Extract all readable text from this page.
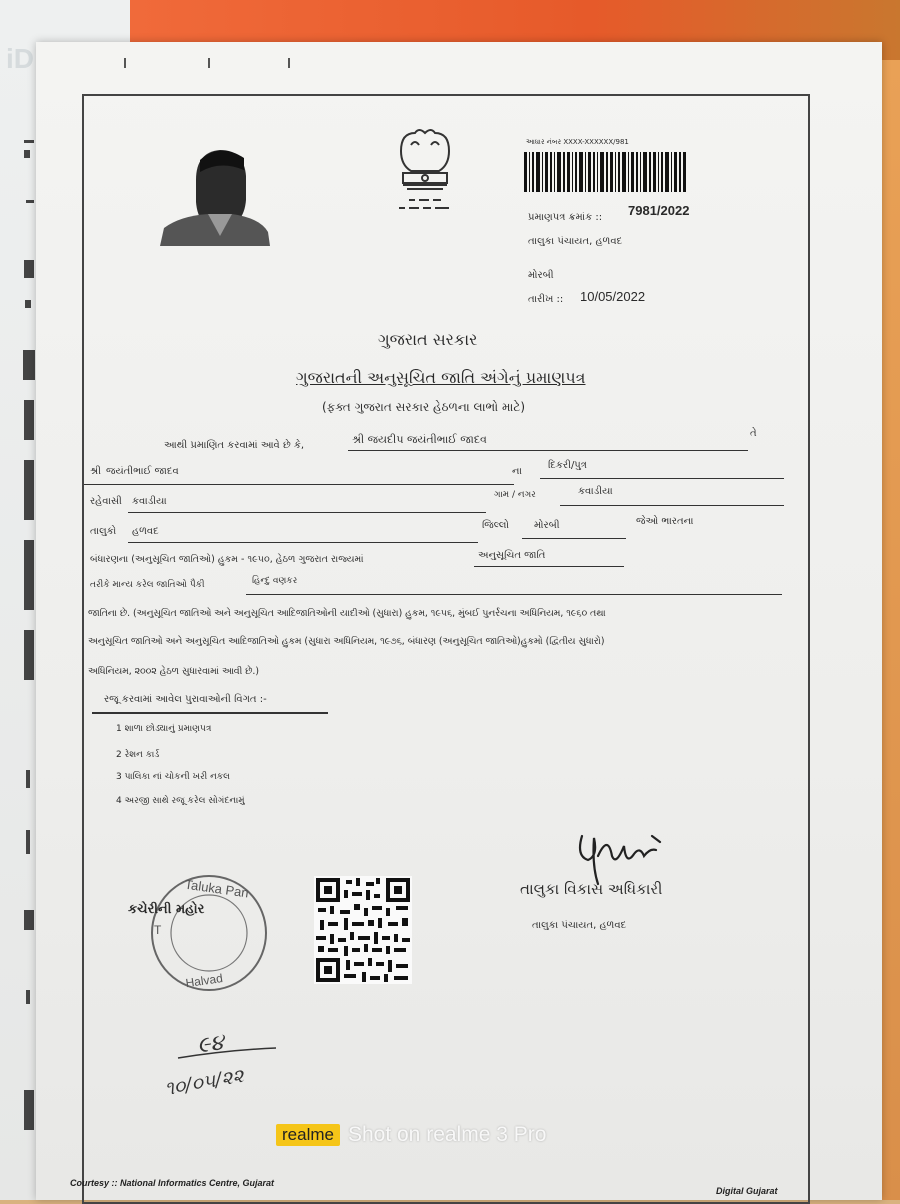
iD
આધાર નંબર XXXX-XXXXXX/981
પ્રમાણપત્ર ક્રમાંક :: 7981/2022
તાલુકા પંચાયત, હળવદ
મોરબી
તારીખ :: 10/05/2022
ગુજરાત સરકાર
ગુજરાતની અનુસૂચિત જાતિ અંગેનું પ્રમાણપત્ર
(ફક્ત ગુજરાત સરકાર હેઠળના લાભો માટે)
આથી પ્રમાણિત કરવામાં આવે છે કે,	શ્રી જયદીપ જયંતીભાઈ જાદવ	તે
શ્રી જયંતીભાઈ જાદવ	ના
દિકરી/પુત્ર
રહેવાસી કવાડીયા
ગામ / નગર	કવાડીયા
તાલુકો હળવદ
જિલ્લો	મોરબી	જેઓ ભારતના
બંધારણના (અનુસૂચિત જાતિઓ) હુકમ - ૧૯૫૦, હેઠળ ગુજરાત રાજ્યમાં	અનુસૂચિત જાતિ
તરીકે માન્ય કરેલ જાતિઓ પૈકી	હિન્દુ વણકર
જાતિના છે. (અનુસૂચિત જાતિઓ અને અનુસૂચિત આદિજાતિઓની યાદીઓ (સુધારા) હુકમ, ૧૯૫૬, મુંબઈ પુનર્રચના અધિનિયમ, ૧૯૬૦ તથા
અનુસૂચિત જાતિઓ અને અનુસૂચિત આદિજાતિઓ હુકમ (સુધારા અધિનિયમ, ૧૯૭૬, બંધારણ (અનુસૂચિત જાતિઓ)હુકમો (દ્વિતીય સુધારો)
અધિનિયમ, ૨૦૦૨ હેઠળ સુધારવામાં આવી છે.)
રજૂ કરવામાં આવેલ પુરાવાઓની વિગત :-
1 શાળા છોડ્યાનું પ્રમાણપત્ર
2 રેશન કાર્ડ
3 પાલિકા નાં ચોકની ખરી નકલ
4 અરજી સાથે રજૂ કરેલ સોગંદનામું
તાલુકા વિકાસ અધિકારી
તાલુકા પંચાયત, હળવદ
Taluka Pan
T
Halvad
કચેરીની મહોર
૯૪
૧૦/૦૫/૨૨
realme Shot on realme 3 Pro
Courtesy :: National Informatics Centre, Gujarat
Digital Gujarat
